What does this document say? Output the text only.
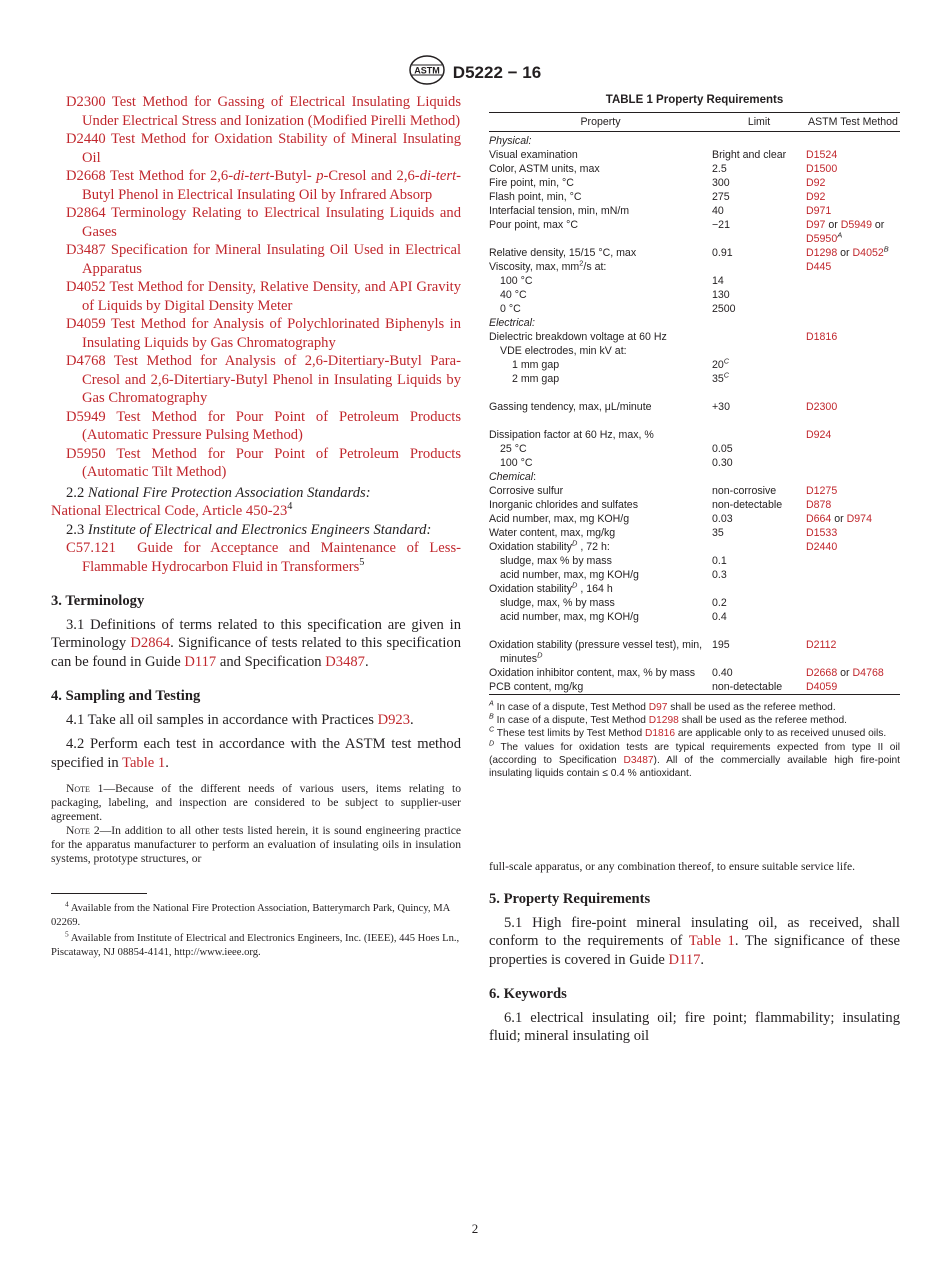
ASTM D5222 − 16

D2300 Test Method for Gassing of Electrical Insulating Liquids Under Electrical Stress and Ionization (Modified Pirelli Method)

D2440 Test Method for Oxidation Stability of Mineral Insulating Oil

D2668 Test Method for 2,6-di-tert-Butyl- p-Cresol and 2,6-di-tert-Butyl Phenol in Electrical Insulating Oil by Infrared Absorp

D2864 Terminology Relating to Electrical Insulating Liquids and Gases

D3487 Specification for Mineral Insulating Oil Used in Electrical Apparatus

D4052 Test Method for Density, Relative Density, and API Gravity of Liquids by Digital Density Meter

D4059 Test Method for Analysis of Polychlorinated Biphenyls in Insulating Liquids by Gas Chromatography

D4768 Test Method for Analysis of 2,6-Ditertiary-Butyl Para-Cresol and 2,6-Ditertiary-Butyl Phenol in Insulating Liquids by Gas Chromatography

D5949 Test Method for Pour Point of Petroleum Products (Automatic Pressure Pulsing Method)

D5950 Test Method for Pour Point of Petroleum Products (Automatic Tilt Method)

2.2 National Fire Protection Association Standards:

National Electrical Code, Article $450-23^4$

2.3 Institute of Electrical and Electronics Engineers Standard:

C57.121 Guide for Acceptance and Maintenance of Less-Flammable Hydrocarbon Fluid in Transformers$^5$

3. Terminology

3.1 Definitions of terms related to this specification are given in Terminology D2864. Significance of tests related to this specification can be found in Guide D117 and Specification D3487.

4. Sampling and Testing

4.1 Take all oil samples in accordance with Practices D923.

4.2 Perform each test in accordance with the ASTM test method specified in Table 1.

Note 1—Because of the different needs of various users, items relating to packaging, labeling, and inspection are considered to be subject to supplier-user agreement.

Note 2—In addition to all other tests listed herein, it is sound engineering practice for the apparatus manufacturer to perform an evaluation of insulating oils in insulation systems, prototype structures, or

$^4$ Available from the National Fire Protection Association, Batterymarch Park, Quincy, MA 02269.

$^5$ Available from Institute of Electrical and Electronics Engineers, Inc. (IEEE), 445 Hoes Ln., Piscataway, NJ 08854-4141, http://www.ieee.org.

TABLE 1 Property Requirements
Property	Limit	ASTM Test Method

Physical:		
Visual examination	Bright and clear	D1524
Color, ASTM units, max	2.5	D1500
Fire point, min, °C	300	D92
Flash point, min, °C	275	D92
Interfacial tension, min, mN/m	40	D971
Pour point, max °C	−21	D97 or D5949 or
$D5950^A$
Relative density, 15/15 °C, max	0.91	D1298 or $D4052^B$
Viscosity, max, $mm^2/s$ at:		D445
100 °C	14	
40 °C	130	
0 °C	2500	
Electrical:		
Dielectric breakdown voltage at 60 Hz		D1816
VDE electrodes, min kV at:		
1 mm gap	$20^C$	
2 mm gap	$35^C$	

Gassing tendency, max, μL/minute	+30	D2300

Dissipation factor at 60 Hz, max, %		D924
25 °C	0.05	
100 °C	0.30	
Chemical:		
Corrosive sulfur	non-corrosive	D1275
Inorganic chlorides and sulfates	non-detectable	D878
Acid number, max, mg KOH/g	0.03	D664 or D974
Water content, max, mg/kg	35	D1533
Oxidation stability$^D$ , 72 h:		D2440
sludge, max % by mass	0.1	
acid number, max, mg KOH/g	0.3	
Oxidation stability$^D$ , 164 h		
sludge, max, % by mass	0.2	
acid number, max, mg KOH/g	0.4	

Oxidation stability (pressure vessel test), min, minutes$^D$	195	D2112
Oxidation inhibitor content, max, % by mass	0.40	D2668 or D4768
PCB content, mg/kg	non-detectable	D4059

$^A$ In case of a dispute, Test Method D97 shall be used as the referee method.

$^B$ In case of a dispute, Test Method D1298 shall be used as the referee method.

$^C$ These test limits by Test Method D1816 are applicable only to as received unused oils.

$^D$ The values for oxidation tests are typical requirements expected from type II oil (according to Specification D3487). All of the commercially available high fire-point insulating liquids contain ≤ 0.4 % antioxidant.

full-scale apparatus, or any combination thereof, to ensure suitable service life.

5. Property Requirements

5.1 High fire-point mineral insulating oil, as received, shall conform to the requirements of Table 1. The significance of these properties is covered in Guide D117.

6. Keywords

6.1 electrical insulating oil; fire point; flammability; insulating fluid; mineral insulating oil

2
